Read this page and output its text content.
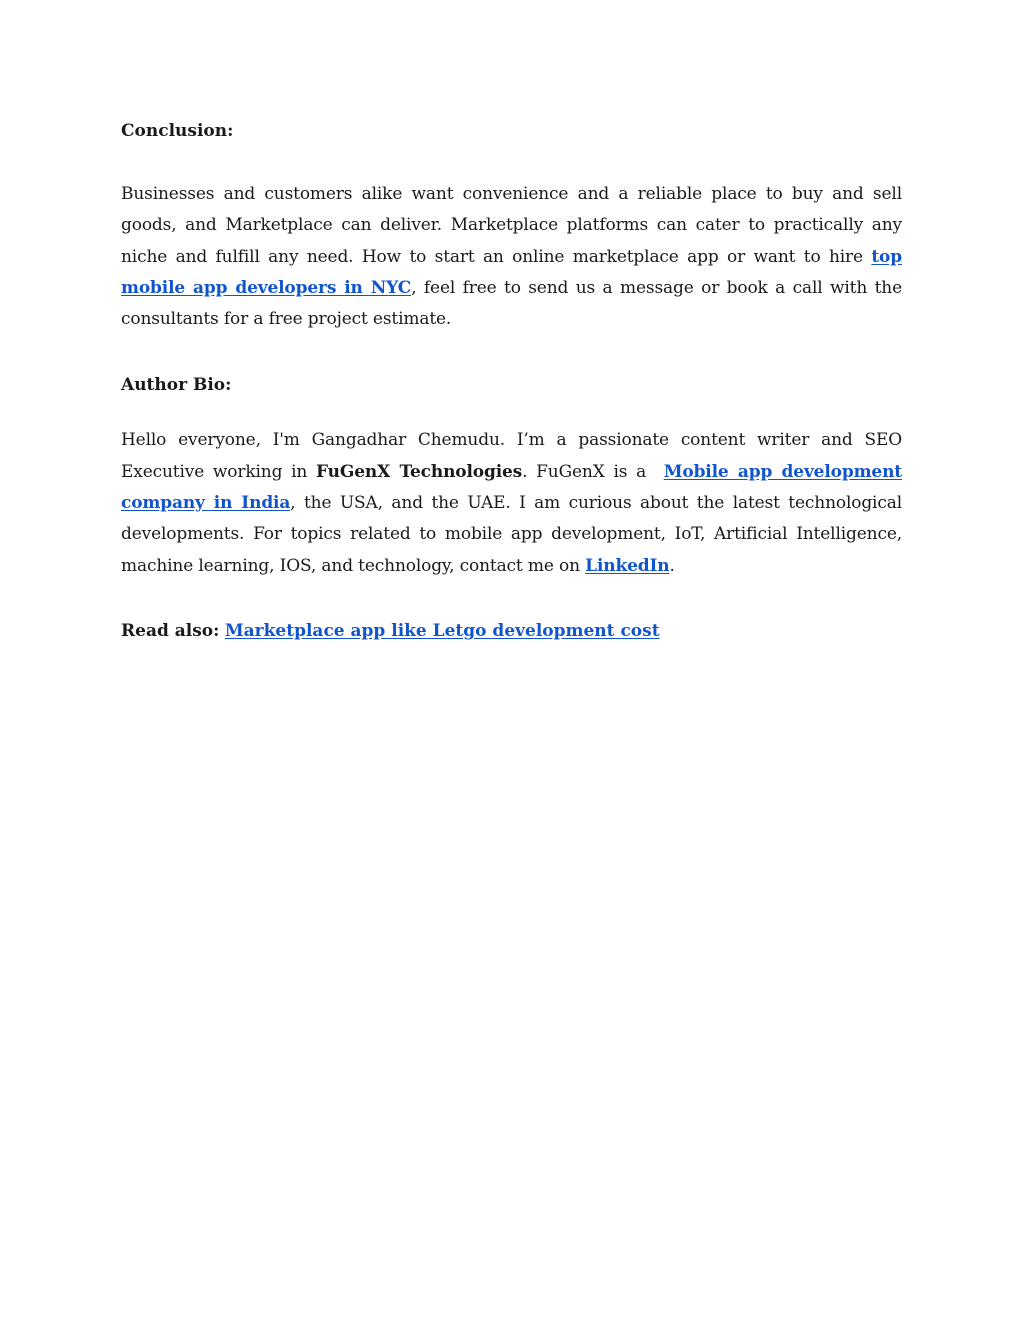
Conclusion:

Businesses and customers alike want convenience and a reliable place to buy and sell goods, and Marketplace can deliver. Marketplace platforms can cater to practically any niche and fulfill any need. How to start an online marketplace app or want to hire top mobile app developers in NYC, feel free to send us a message or book a call with the consultants for a free project estimate.

Author Bio:

Hello everyone, I'm Gangadhar Chemudu. I’m a passionate content writer and SEO Executive working in FuGenX Technologies. FuGenX is a  Mobile app development company in India, the USA, and the UAE. I am curious about the latest technological developments. For topics related to mobile app development, IoT, Artificial Intelligence, machine learning, IOS, and technology, contact me on LinkedIn.

Read also: Marketplace app like Letgo development cost
